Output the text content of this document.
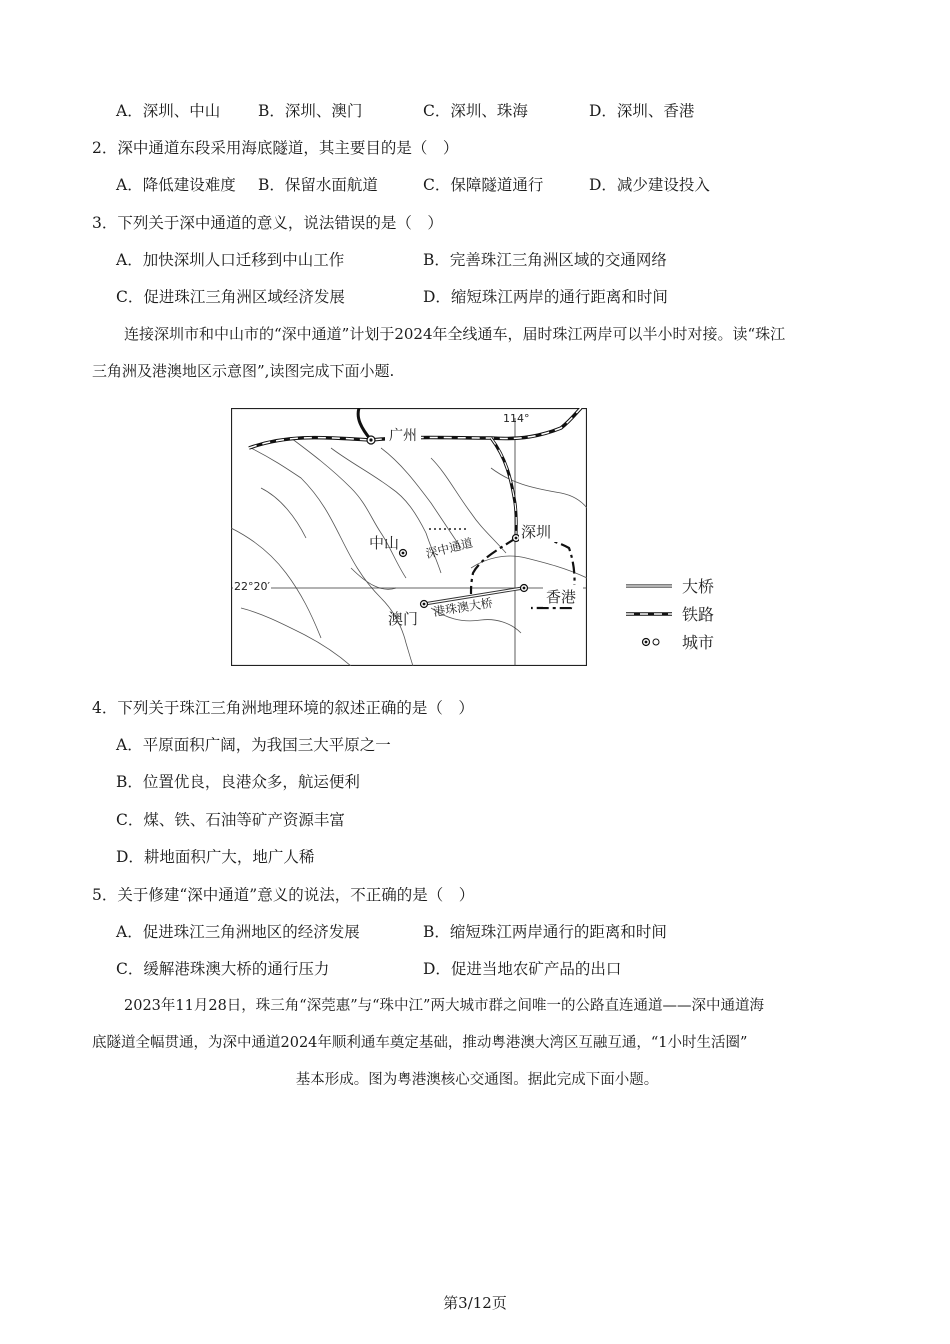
A．深圳、中山 B．深圳、澳门	C．深圳、珠海	D．深圳、香港
2．深中通道东段采用海底隧道，其主要目的是（　）
A．降低建设难度 B．保留水面航道	C．保障隧道通行	D．减少建设投入
3．下列关于深中通道的意义，说法错误的是（　）
A．加快深圳人口迁移到中山工作	B．完善珠江三角洲区域的交通网络
C．促进珠江三角洲区域经济发展	D．缩短珠江两岸的通行距离和时间

连接深圳市和中山市的“深中通道”计划于2024年全线通车，届时珠江两岸可以半小时对接。读“珠江

三角洲及港澳地区示意图”,读图完成下面小题.

广州
深圳
中山
澳门
香港
深中通道
港珠澳大桥
114°
22°20′	大桥
铁路
城市
4．下列关于珠江三角洲地理环境的叙述正确的是（　）
A．平原面积广阔，为我国三大平原之一
B．位置优良，良港众多，航运便利
C．煤、铁、石油等矿产资源丰富
D．耕地面积广大，地广人稀
5．关于修建“深中通道”意义的说法，不正确的是（　）
A．促进珠江三角洲地区的经济发展	B．缩短珠江两岸通行的距离和时间
C．缓解港珠澳大桥的通行压力	D．促进当地农矿产品的出口

2023年11月28日，珠三角“深莞惠”与“珠中江”两大城市群之间唯一的公路直连通道——深中通道海

底隧道全幅贯通，为深中通道2024年顺利通车奠定基础，推动粤港澳大湾区互融互通，“1小时生活圈”

基本形成。图为粤港澳核心交通图。据此完成下面小题。

第3/12页
